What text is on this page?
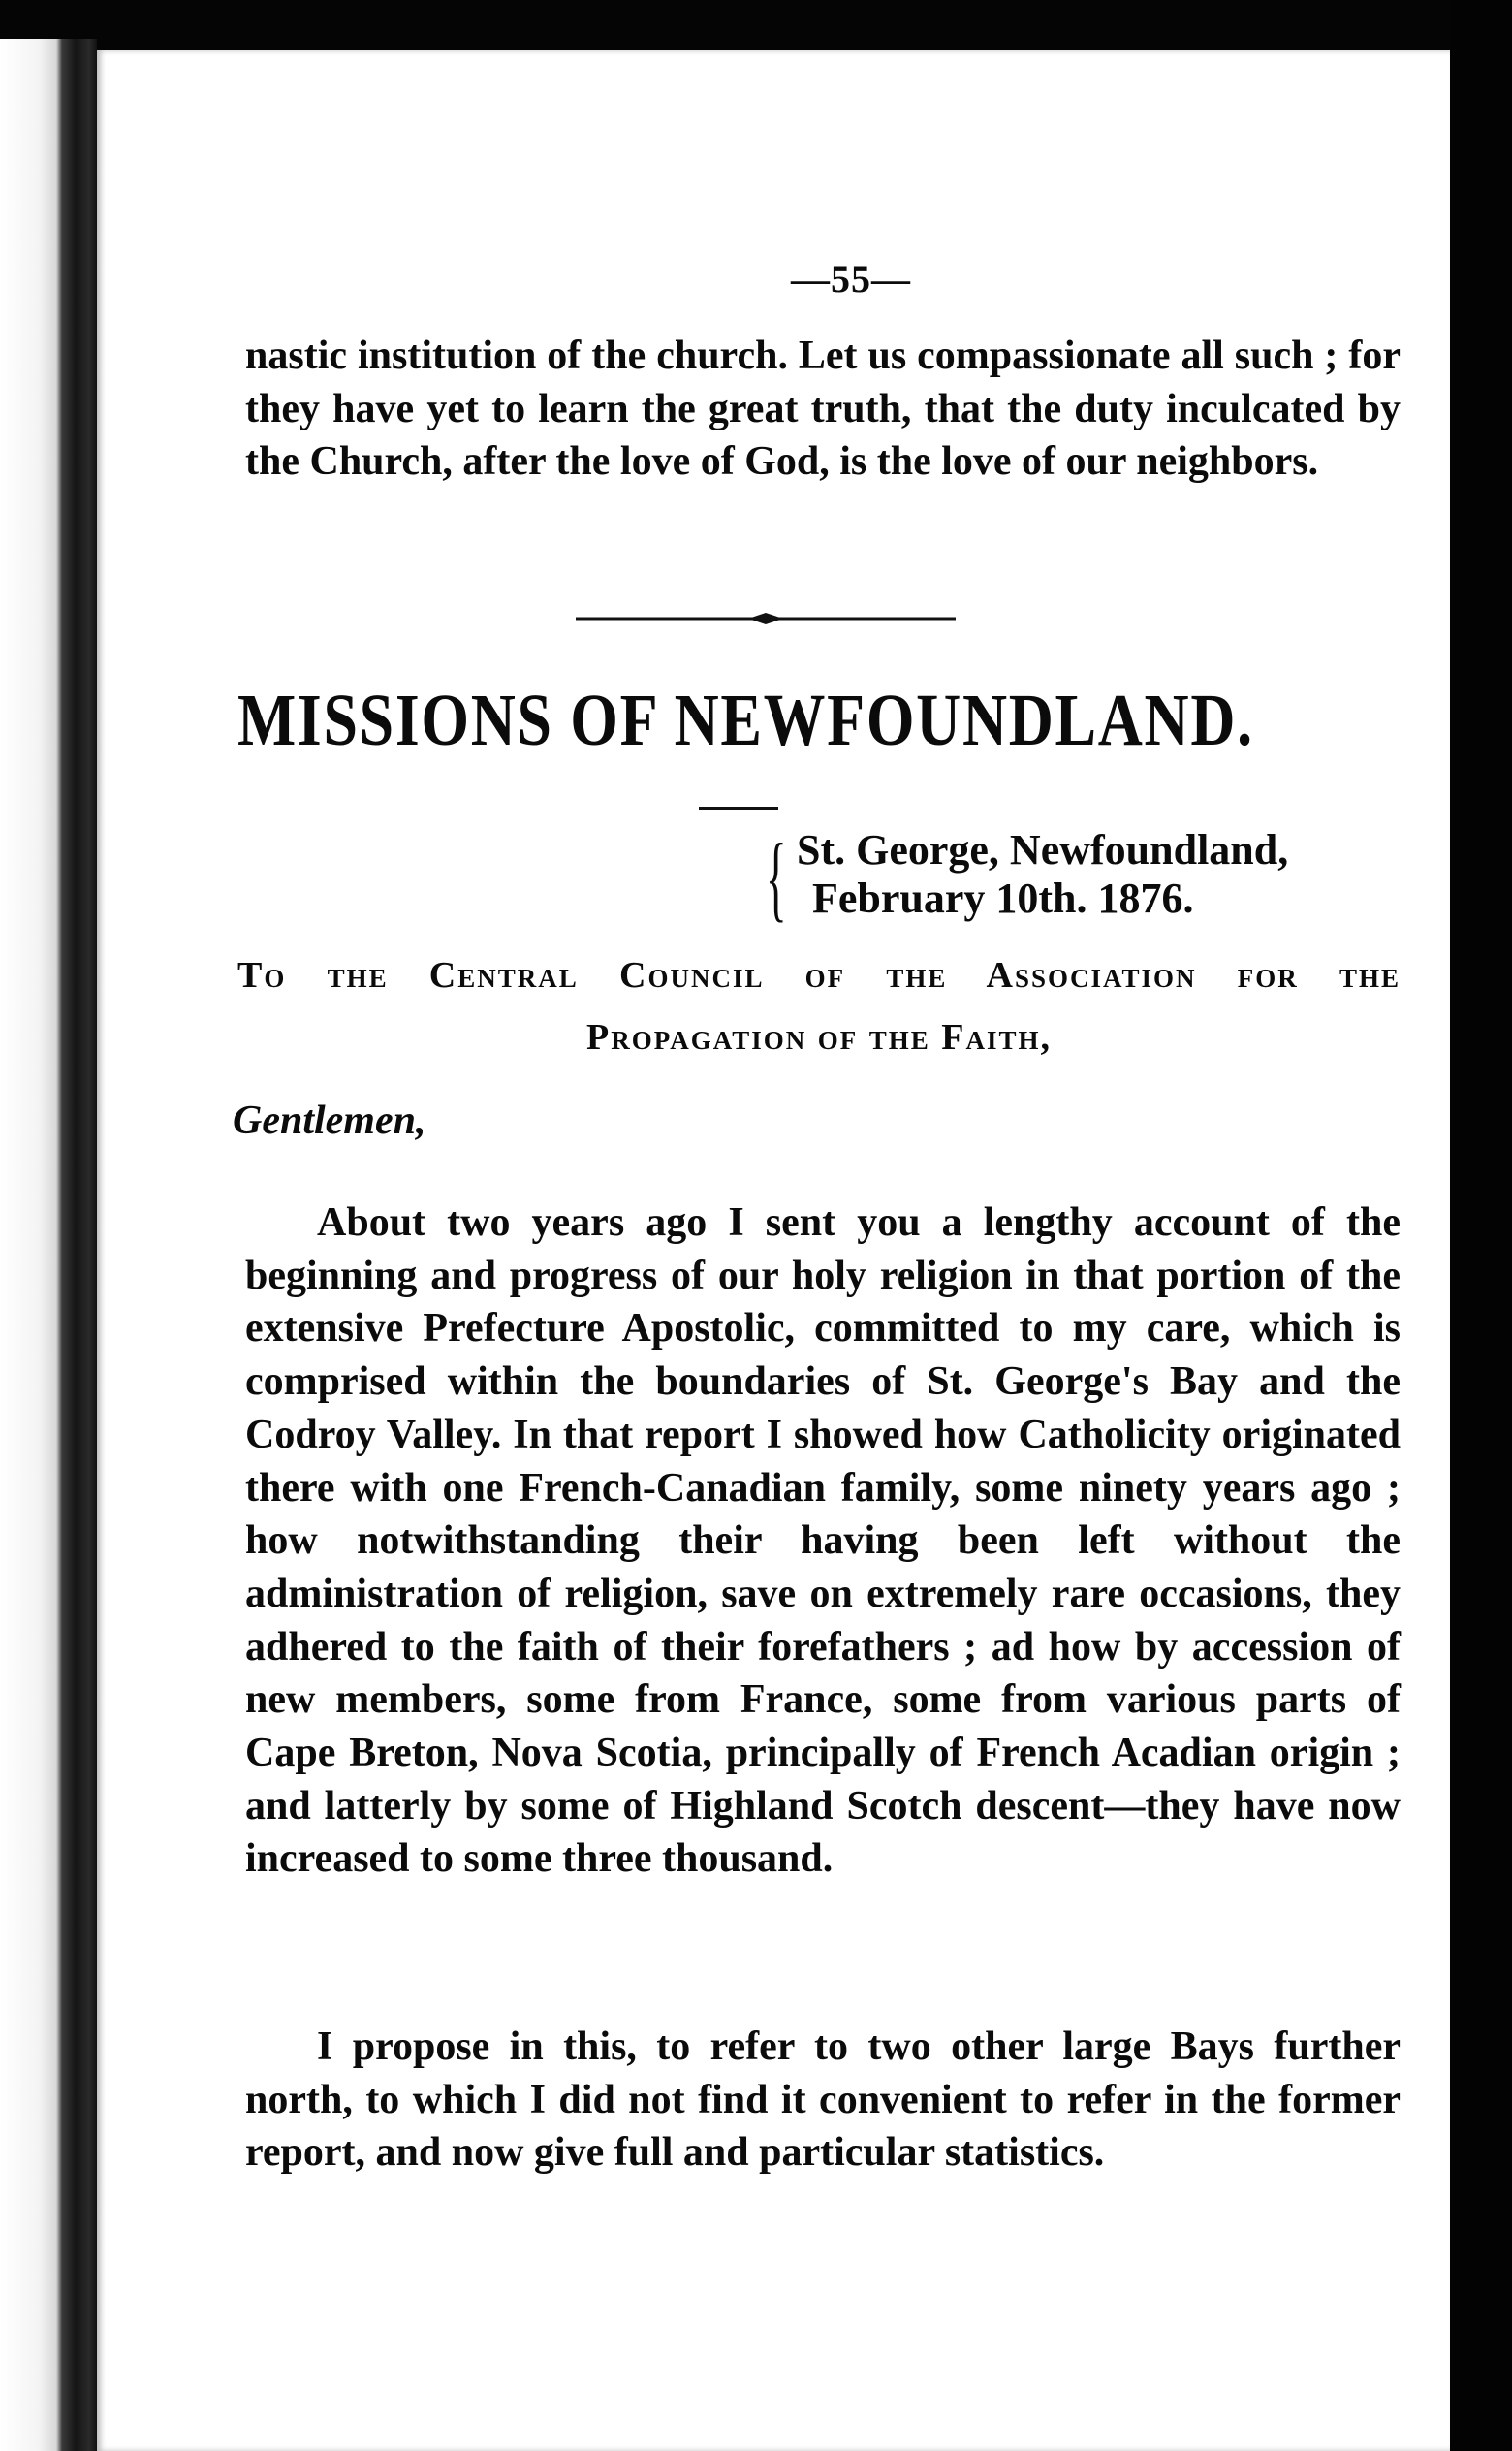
—55—
nastic institution of the church. Let us compassionate all such ; for they have yet to learn the great truth, that the duty inculcated by the Church, after the love of God, is the love of our neighbors.
MISSIONS OF NEWFOUNDLAND.
{ St. George, Newfoundland,
February 10th. 1876.
To the Central Council of the Association for the
Propagation of the Faith,
Gentlemen,
About two years ago I sent you a lengthy account of the beginning and progress of our holy religion in that portion of the extensive Prefecture Apostolic, committed to my care, which is comprised within the boundaries of St. George's Bay and the Codroy Valley. In that report I showed how Catholicity originated there with one French-Canadian family, some ninety years ago ; how notwithstanding their having been left without the administration of religion, save on extremely rare occasions, they adhered to the faith of their forefathers ; ad how by accession of new members, some from France, some from various parts of Cape Breton, Nova Scotia, principally of French Acadian origin ; and latterly by some of Highland Scotch descent—they have now increased to some three thousand.
I propose in this, to refer to two other large Bays further north, to which I did not find it convenient to refer in the former report, and now give full and particular statistics.
